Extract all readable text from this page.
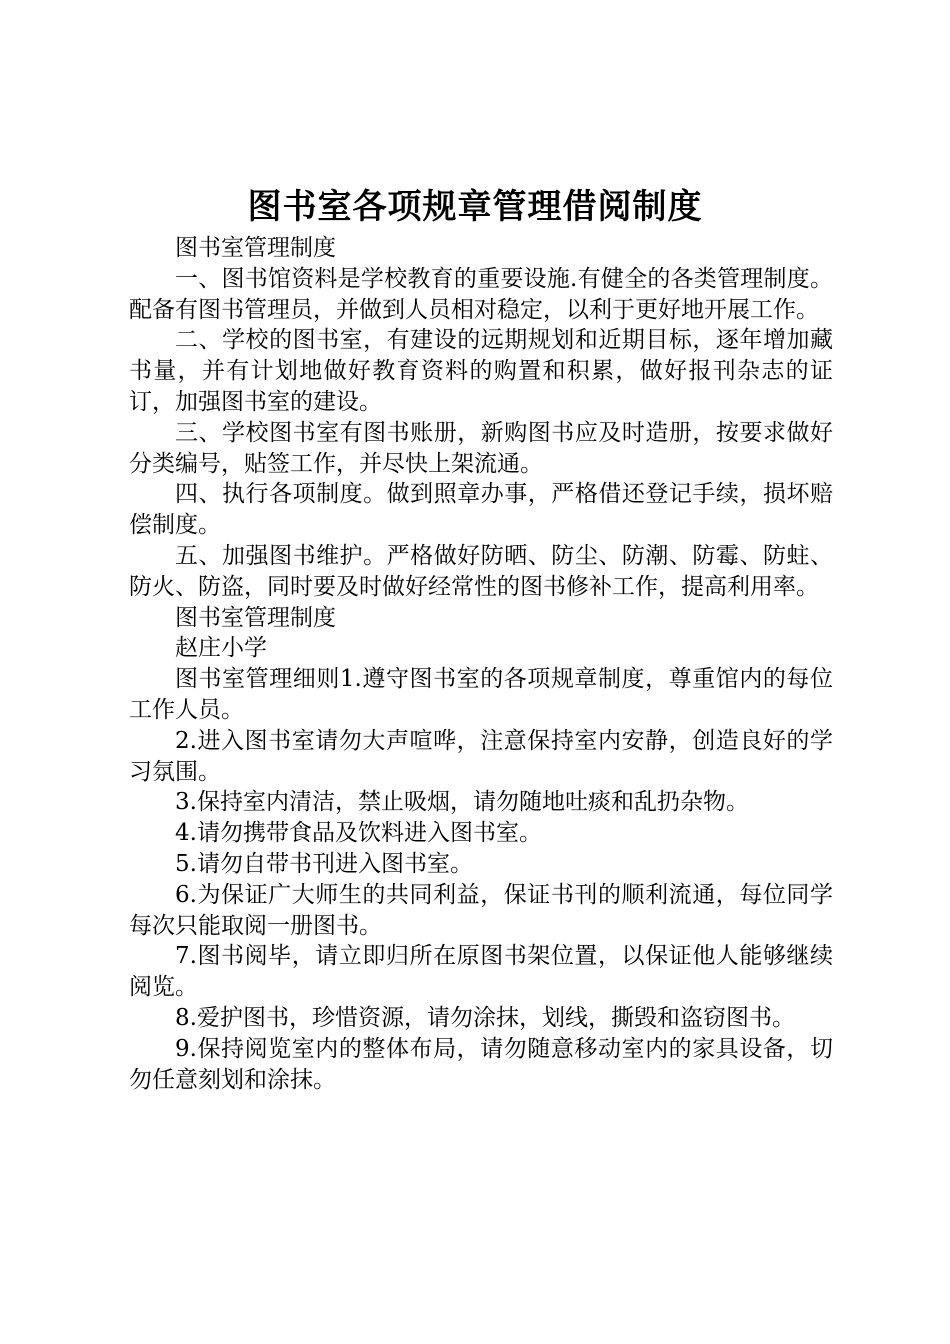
图书室各项规章管理借阅制度

图书室管理制度

一、图书馆资料是学校教育的重要设施.有健全的各类管理制度。配备有图书管理员，并做到人员相对稳定，以利于更好地开展工作。

二、学校的图书室，有建设的远期规划和近期目标，逐年增加藏书量，并有计划地做好教育资料的购置和积累，做好报刊杂志的证订，加强图书室的建设。

三、学校图书室有图书账册，新购图书应及时造册，按要求做好分类编号，贴签工作，并尽快上架流通。

四、执行各项制度。做到照章办事，严格借还登记手续，损坏赔偿制度。

五、加强图书维护。严格做好防晒、防尘、防潮、防霉、防蛀、防火、防盗，同时要及时做好经常性的图书修补工作，提高利用率。

图书室管理制度

赵庄小学

图书室管理细则1.遵守图书室的各项规章制度，尊重馆内的每位工作人员。

2.进入图书室请勿大声喧哗，注意保持室内安静，创造良好的学习氛围。

3.保持室内清洁，禁止吸烟，请勿随地吐痰和乱扔杂物。

4.请勿携带食品及饮料进入图书室。

5.请勿自带书刊进入图书室。

6.为保证广大师生的共同利益，保证书刊的顺利流通，每位同学每次只能取阅一册图书。

7.图书阅毕，请立即归所在原图书架位置，以保证他人能够继续阅览。

8.爱护图书，珍惜资源，请勿涂抹，划线，撕毁和盗窃图书。

9.保持阅览室内的整体布局，请勿随意移动室内的家具设备，切勿任意刻划和涂抹。
